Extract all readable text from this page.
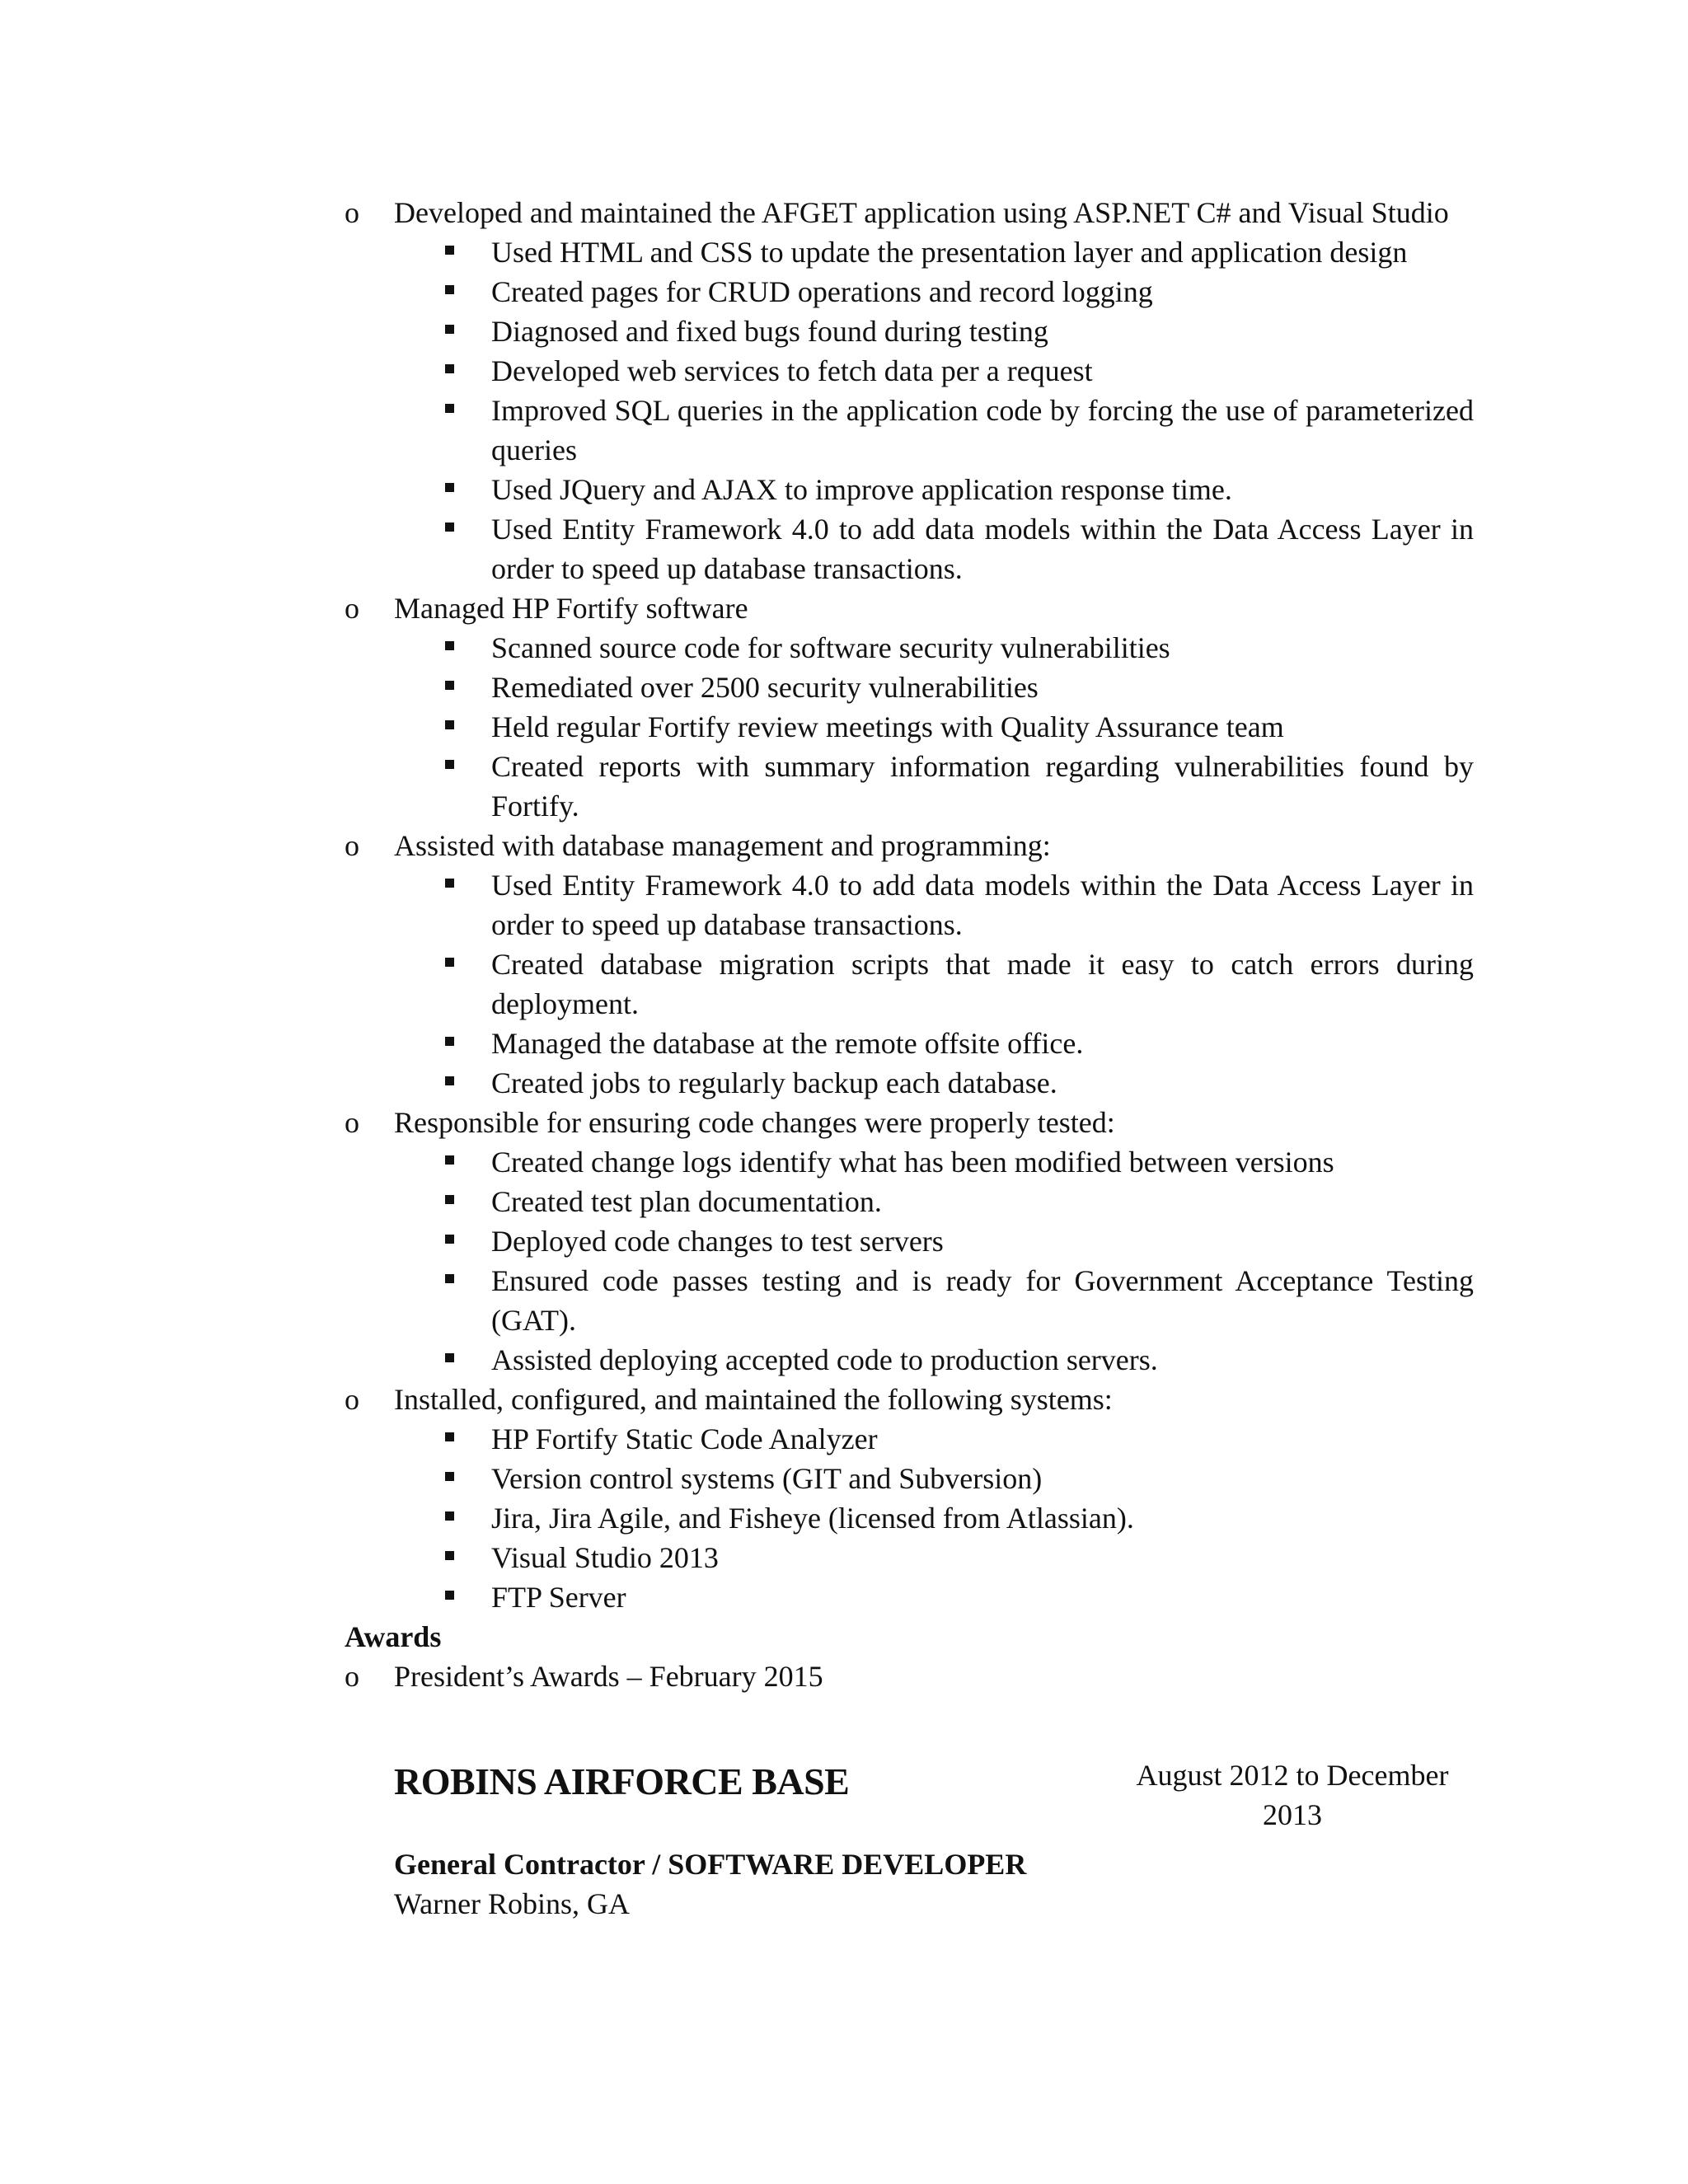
o	Developed and maintained the AFGET application using ASP.NET C# and Visual Studio
Used HTML and CSS to update the presentation layer and application design
Created pages for CRUD operations and record logging
Diagnosed and fixed bugs found during testing
Developed web services to fetch data per a request
Improved SQL queries in the application code by forcing the use of parameterized queries
Used JQuery and AJAX to improve application response time.
Used Entity Framework 4.0 to add data models within the Data Access Layer in order to speed up database transactions.
o	Managed HP Fortify software
Scanned source code for software security vulnerabilities
Remediated over 2500 security vulnerabilities
Held regular Fortify review meetings with Quality Assurance team
Created reports with summary information regarding vulnerabilities found by Fortify.
o	Assisted with database management and programming:
Used Entity Framework 4.0 to add data models within the Data Access Layer in order to speed up database transactions.
Created database migration scripts that made it easy to catch errors during deployment.
Managed the database at the remote offsite office.
Created jobs to regularly backup each database.
o	Responsible for ensuring code changes were properly tested:
Created change logs identify what has been modified between versions
Created test plan documentation.
Deployed code changes to test servers
Ensured code passes testing and is ready for Government Acceptance Testing (GAT).
Assisted deploying accepted code to production servers.
o	Installed, configured, and maintained the following systems:
HP Fortify Static Code Analyzer
Version control systems (GIT and Subversion)
Jira, Jira Agile, and Fisheye (licensed from Atlassian).
Visual Studio 2013
FTP Server
Awards
o	President’s Awards – February 2015
ROBINS AIRFORCE BASE	August 2012 to December 2013
General Contractor / SOFTWARE DEVELOPER
Warner Robins, GA
